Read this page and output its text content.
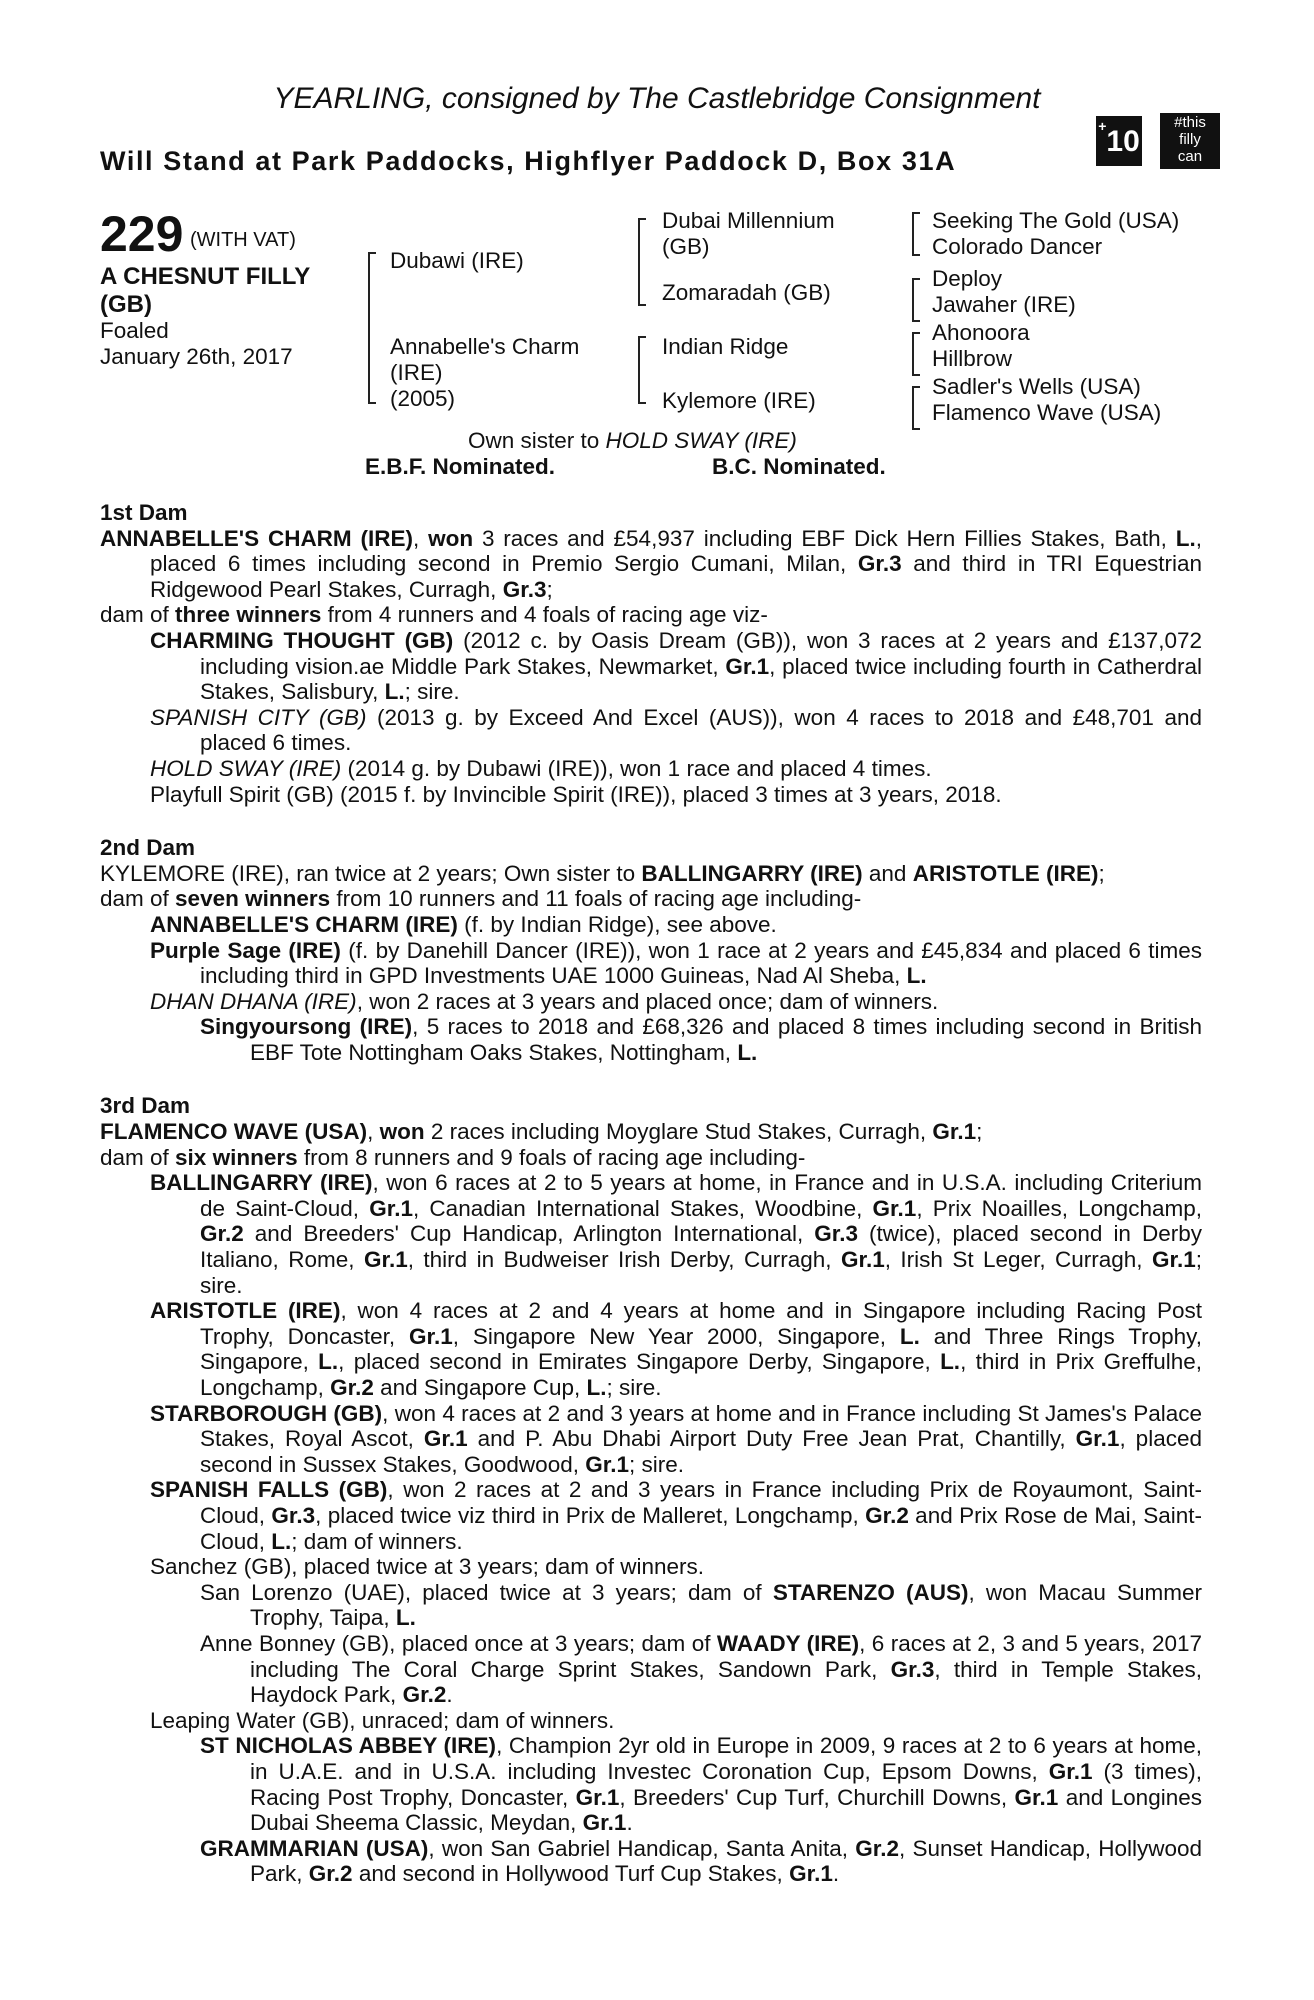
YEARLING, consigned by The Castlebridge Consignment
Will Stand at Park Paddocks, Highflyer Paddock D, Box 31A
+10
#this
filly
can
229 (WITH VAT)
A CHESNUT FILLY
(GB)
Foaled
January 26th, 2017
Dubawi (IRE)
Annabelle's Charm
(IRE)
(2005)
Dubai Millennium
(GB)
Zomaradah (GB)
Indian Ridge
Kylemore (IRE)
Seeking The Gold (USA)
Colorado Dancer
Deploy
Jawaher (IRE)
Ahonoora
Hillbrow
Sadler's Wells (USA)
Flamenco Wave (USA)
Own sister to HOLD SWAY (IRE)
E.B.F. Nominated.	B.C. Nominated.

1st Dam

ANNABELLE'S CHARM (IRE), won 3 races and £54,937 including EBF Dick Hern Fillies Stakes, Bath, L., placed 6 times including second in Premio Sergio Cumani, Milan, Gr.3 and third in TRI Equestrian Ridgewood Pearl Stakes, Curragh, Gr.3;

dam of three winners from 4 runners and 4 foals of racing age viz-

CHARMING THOUGHT (GB) (2012 c. by Oasis Dream (GB)), won 3 races at 2 years and £137,072 including vision.ae Middle Park Stakes, Newmarket, Gr.1, placed twice including fourth in Catherdral Stakes, Salisbury, L.; sire.

SPANISH CITY (GB) (2013 g. by Exceed And Excel (AUS)), won 4 races to 2018 and £48,701 and placed 6 times.

HOLD SWAY (IRE) (2014 g. by Dubawi (IRE)), won 1 race and placed 4 times.

Playfull Spirit (GB) (2015 f. by Invincible Spirit (IRE)), placed 3 times at 3 years, 2018.

2nd Dam

KYLEMORE (IRE), ran twice at 2 years; Own sister to BALLINGARRY (IRE) and ARISTOTLE (IRE);

dam of seven winners from 10 runners and 11 foals of racing age including-

ANNABELLE'S CHARM (IRE) (f. by Indian Ridge), see above.

Purple Sage (IRE) (f. by Danehill Dancer (IRE)), won 1 race at 2 years and £45,834 and placed 6 times including third in GPD Investments UAE 1000 Guineas, Nad Al Sheba, L.

DHAN DHANA (IRE), won 2 races at 3 years and placed once; dam of winners.

Singyoursong (IRE), 5 races to 2018 and £68,326 and placed 8 times including second in British EBF Tote Nottingham Oaks Stakes, Nottingham, L.

3rd Dam

FLAMENCO WAVE (USA), won 2 races including Moyglare Stud Stakes, Curragh, Gr.1;

dam of six winners from 8 runners and 9 foals of racing age including-

BALLINGARRY (IRE), won 6 races at 2 to 5 years at home, in France and in U.S.A. including Criterium de Saint-Cloud, Gr.1, Canadian International Stakes, Woodbine, Gr.1, Prix Noailles, Longchamp, Gr.2 and Breeders' Cup Handicap, Arlington International, Gr.3 (twice), placed second in Derby Italiano, Rome, Gr.1, third in Budweiser Irish Derby, Curragh, Gr.1, Irish St Leger, Curragh, Gr.1; sire.

ARISTOTLE (IRE), won 4 races at 2 and 4 years at home and in Singapore including Racing Post Trophy, Doncaster, Gr.1, Singapore New Year 2000, Singapore, L. and Three Rings Trophy, Singapore, L., placed second in Emirates Singapore Derby, Singapore, L., third in Prix Greffulhe, Longchamp, Gr.2 and Singapore Cup, L.; sire.

STARBOROUGH (GB), won 4 races at 2 and 3 years at home and in France including St James's Palace Stakes, Royal Ascot, Gr.1 and P. Abu Dhabi Airport Duty Free Jean Prat, Chantilly, Gr.1, placed second in Sussex Stakes, Goodwood, Gr.1; sire.

SPANISH FALLS (GB), won 2 races at 2 and 3 years in France including Prix de Royaumont, Saint-Cloud, Gr.3, placed twice viz third in Prix de Malleret, Longchamp, Gr.2 and Prix Rose de Mai, Saint-Cloud, L.; dam of winners.

Sanchez (GB), placed twice at 3 years; dam of winners.

San Lorenzo (UAE), placed twice at 3 years; dam of STARENZO (AUS), won Macau Summer Trophy, Taipa, L.

Anne Bonney (GB), placed once at 3 years; dam of WAADY (IRE), 6 races at 2, 3 and 5 years, 2017 including The Coral Charge Sprint Stakes, Sandown Park, Gr.3, third in Temple Stakes, Haydock Park, Gr.2.

Leaping Water (GB), unraced; dam of winners.

ST NICHOLAS ABBEY (IRE), Champion 2yr old in Europe in 2009, 9 races at 2 to 6 years at home, in U.A.E. and in U.S.A. including Investec Coronation Cup, Epsom Downs, Gr.1 (3 times), Racing Post Trophy, Doncaster, Gr.1, Breeders' Cup Turf, Churchill Downs, Gr.1 and Longines Dubai Sheema Classic, Meydan, Gr.1.

GRAMMARIAN (USA), won San Gabriel Handicap, Santa Anita, Gr.2, Sunset Handicap, Hollywood Park, Gr.2 and second in Hollywood Turf Cup Stakes, Gr.1.
